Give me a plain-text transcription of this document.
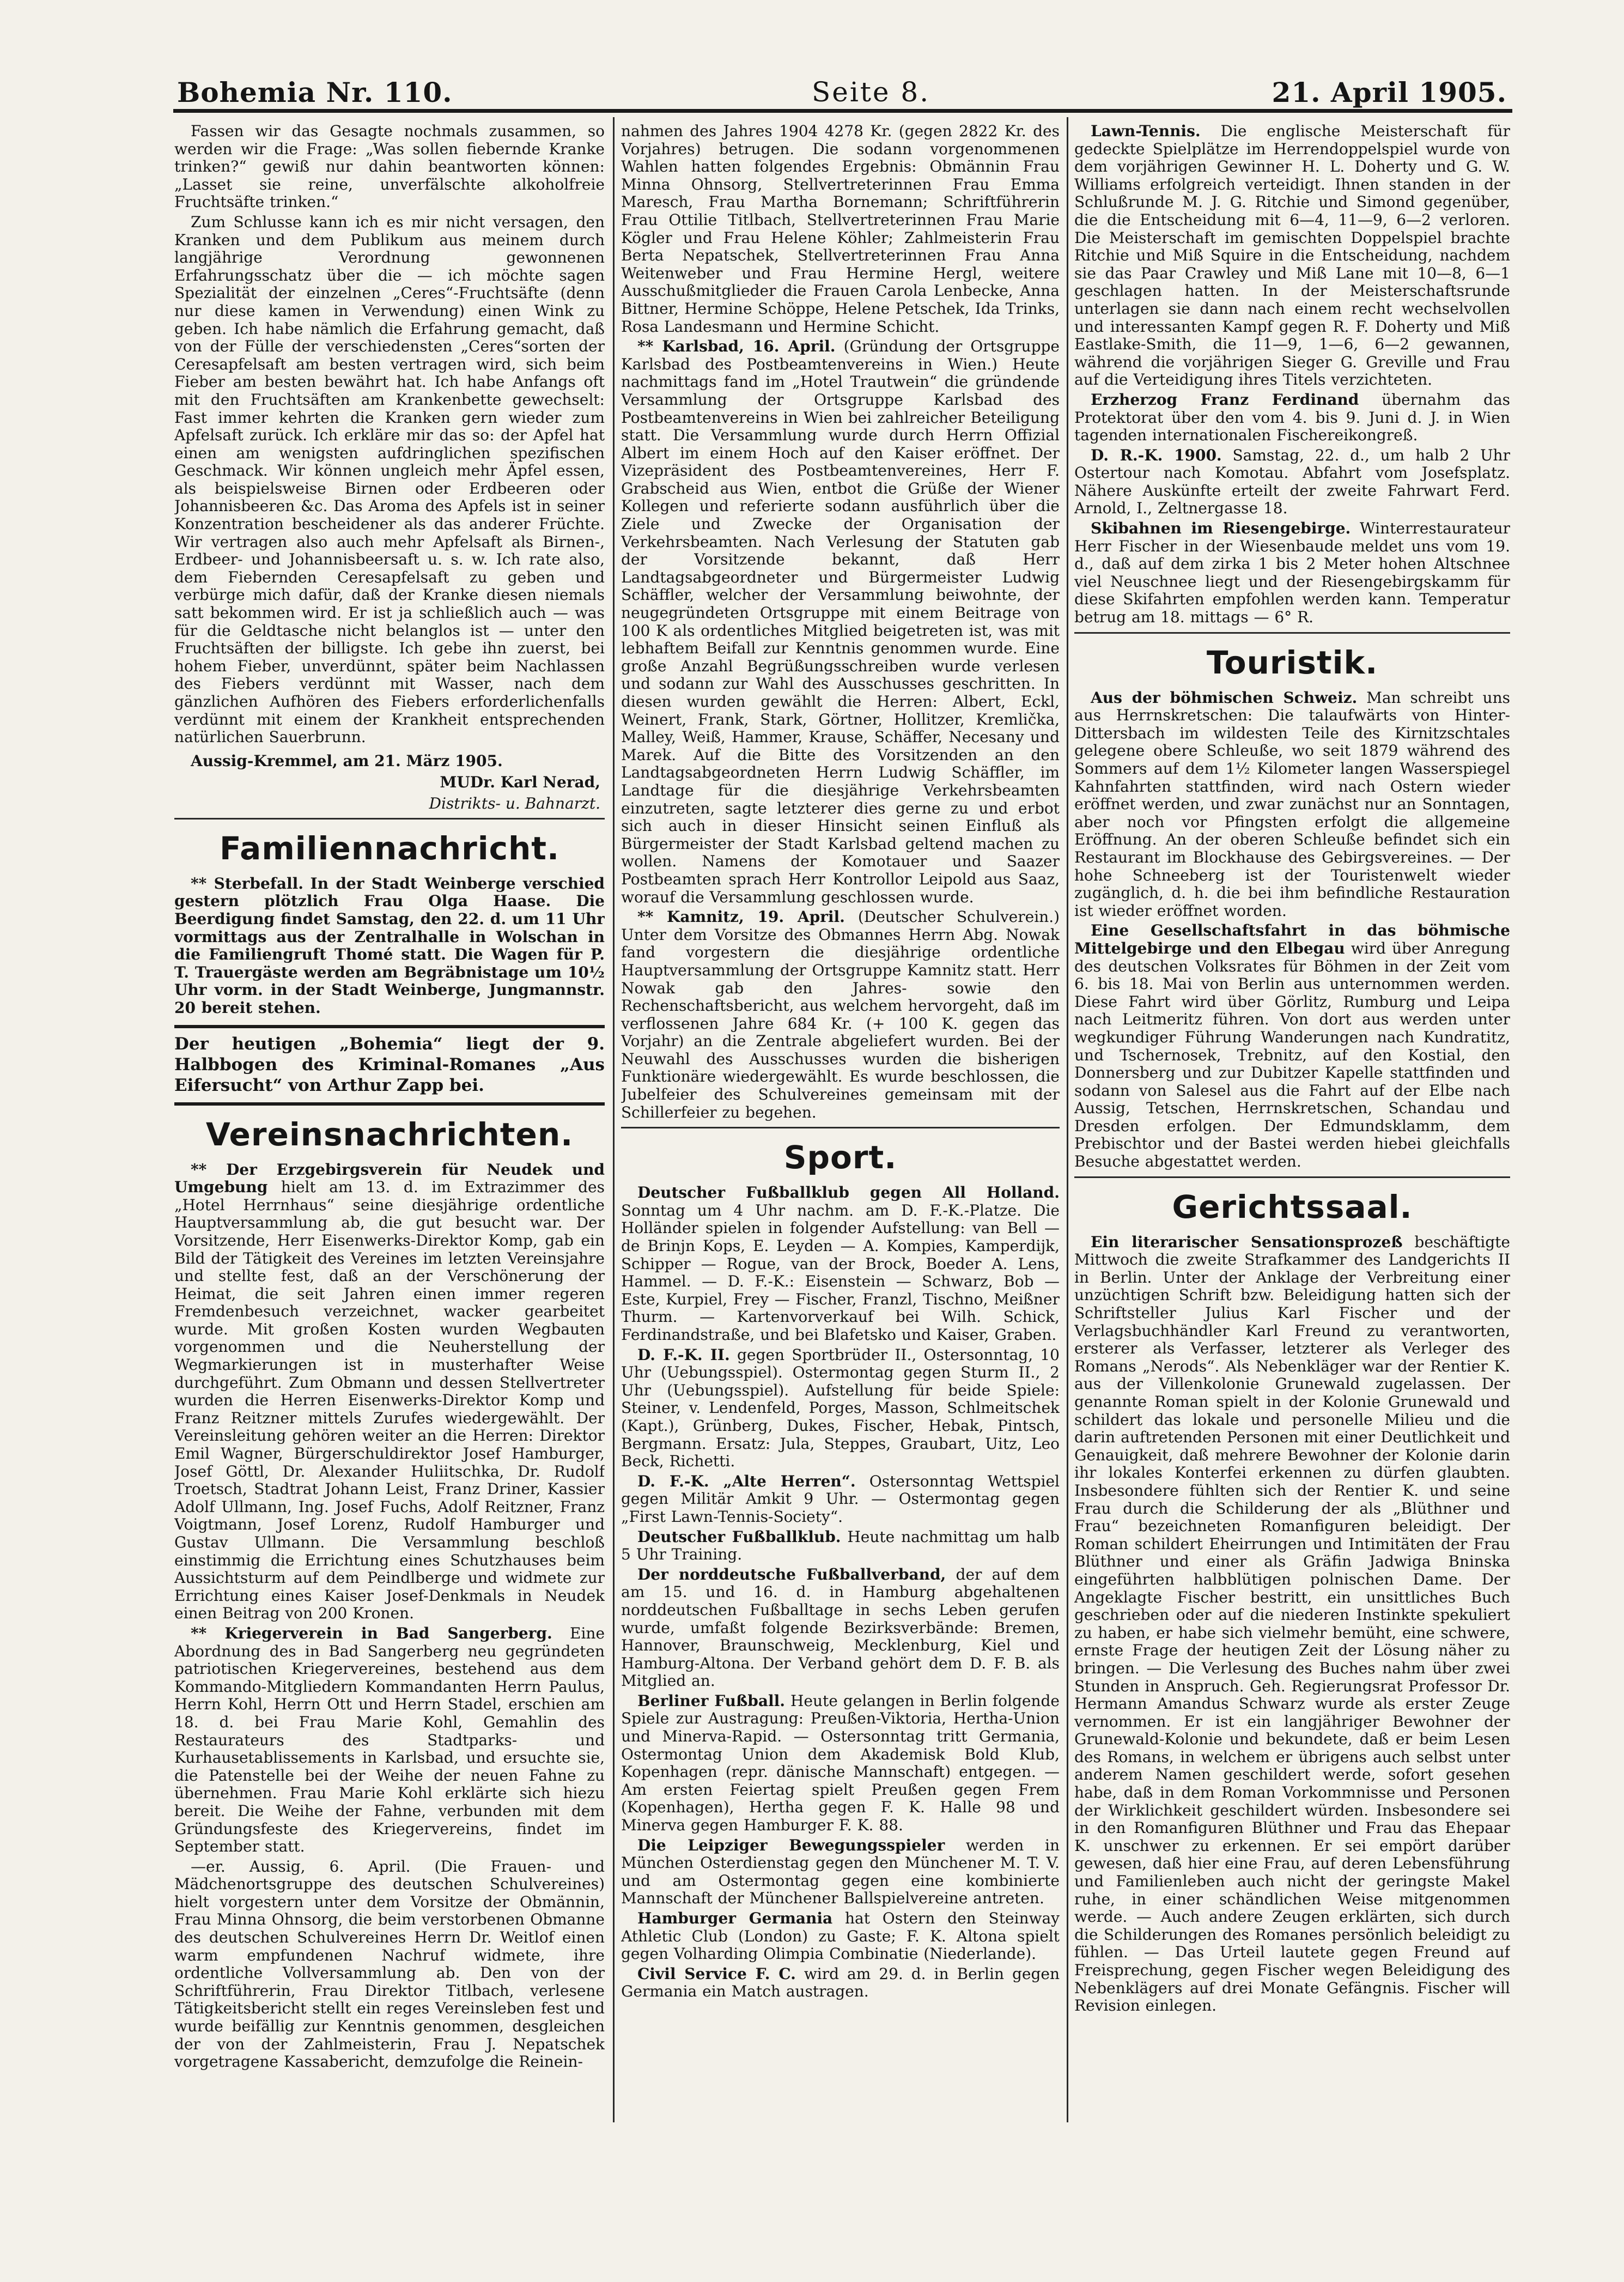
Bohemia Nr. 110.	Seite 8.	21. April 1905.

Fassen wir das Gesagte nochmals zusammen, so werden wir die Frage: „Was sollen fiebernde Kranke trinken?“ gewiß nur dahin beantworten können: „Lasset sie reine, unverfälschte alkoholfreie Fruchtsäfte trinken.“

Zum Schlusse kann ich es mir nicht versagen, den Kranken und dem Publikum aus meinem durch langjährige Verordnung gewonnenen Erfahrungsschatz über die — ich möchte sagen Spezialität der einzelnen „Ceres“-Fruchtsäfte (denn nur diese kamen in Verwendung) einen Wink zu geben. Ich habe nämlich die Erfahrung gemacht, daß von der Fülle der verschiedensten „Ceres“sorten der Ceresapfelsaft am besten vertragen wird, sich beim Fieber am besten bewährt hat. Ich habe Anfangs oft mit den Fruchtsäften am Krankenbette gewechselt: Fast immer kehrten die Kranken gern wieder zum Apfelsaft zurück. Ich erkläre mir das so: der Apfel hat einen am wenigsten aufdringlichen spezifischen Geschmack. Wir können ungleich mehr Äpfel essen, als beispielsweise Birnen oder Erdbeeren oder Johannisbeeren &c. Das Aroma des Apfels ist in seiner Konzentration bescheidener als das anderer Früchte. Wir vertragen also auch mehr Apfelsaft als Birnen-, Erdbeer- und Johannisbeersaft u. s. w. Ich rate also, dem Fiebernden Ceresapfelsaft zu geben und verbürge mich dafür, daß der Kranke diesen niemals satt bekommen wird. Er ist ja schließlich auch — was für die Geldtasche nicht belanglos ist — unter den Fruchtsäften der billigste. Ich gebe ihn zuerst, bei hohem Fieber, unverdünnt, später beim Nachlassen des Fiebers verdünnt mit Wasser, nach dem gänzlichen Aufhören des Fiebers erforderlichenfalls verdünnt mit einem der Krankheit entsprechenden natürlichen Sauerbrunn.

Aussig-Kremmel, am 21. März 1905.
MUDr. Karl Nerad,
Distrikts- u. Bahnarzt.
Familiennachricht.

** Sterbefall. In der Stadt Weinberge verschied gestern plötzlich Frau Olga Haase. Die Beerdigung findet Samstag, den 22. d. um 11 Uhr vormittags aus der Zentralhalle in Wolschan in die Familiengruft Thomé statt. Die Wagen für P. T. Trauergäste werden am Begräbnistage um 10½ Uhr vorm. in der Stadt Weinberge, Jungmannstr. 20 bereit stehen.

Der heutigen „Bohemia“ liegt der 9. Halbbogen des Kriminal-Romanes „Aus Eifersucht“ von Arthur Zapp bei.
Vereinsnachrichten.

** Der Erzgebirgsverein für Neudek und Umgebung hielt am 13. d. im Extrazimmer des „Hotel Herrnhaus“ seine diesjährige ordentliche Hauptversammlung ab, die gut besucht war. Der Vorsitzende, Herr Eisenwerks-Direktor Komp, gab ein Bild der Tätigkeit des Vereines im letzten Vereinsjahre und stellte fest, daß an der Verschönerung der Heimat, die seit Jahren einen immer regeren Fremdenbesuch verzeichnet, wacker gearbeitet wurde. Mit großen Kosten wurden Wegbauten vorgenommen und die Neuherstellung der Wegmarkierungen ist in musterhafter Weise durchgeführt. Zum Obmann und dessen Stellvertreter wurden die Herren Eisenwerks-Direktor Komp und Franz Reitzner mittels Zurufes wiedergewählt. Der Vereinsleitung gehören weiter an die Herren: Direktor Emil Wagner, Bürgerschuldirektor Josef Hamburger, Josef Göttl, Dr. Alexander Huliitschka, Dr. Rudolf Troetsch, Stadtrat Johann Leist, Franz Driner, Kassier Adolf Ullmann, Ing. Josef Fuchs, Adolf Reitzner, Franz Voigtmann, Josef Lorenz, Rudolf Hamburger und Gustav Ullmann. Die Versammlung beschloß einstimmig die Errichtung eines Schutzhauses beim Aussichtsturm auf dem Peindlberge und widmete zur Errichtung eines Kaiser Josef-Denkmals in Neudek einen Beitrag von 200 Kronen.

** Kriegerverein in Bad Sangerberg. Eine Abordnung des in Bad Sangerberg neu gegründeten patriotischen Kriegervereines, bestehend aus dem Kommando-Mitgliedern Kommandanten Herrn Paulus, Herrn Kohl, Herrn Ott und Herrn Stadel, erschien am 18. d. bei Frau Marie Kohl, Gemahlin des Restaurateurs des Stadtparks- und Kurhausetablissements in Karlsbad, und ersuchte sie, die Patenstelle bei der Weihe der neuen Fahne zu übernehmen. Frau Marie Kohl erklärte sich hiezu bereit. Die Weihe der Fahne, verbunden mit dem Gründungsfeste des Kriegervereins, findet im September statt.

—er. Aussig, 6. April. (Die Frauen- und Mädchenortsgruppe des deutschen Schulvereines) hielt vorgestern unter dem Vorsitze der Obmännin, Frau Minna Ohnsorg, die beim verstorbenen Obmanne des deutschen Schulvereines Herrn Dr. Weitlof einen warm empfundenen Nachruf widmete, ihre ordentliche Vollversammlung ab. Den von der Schriftführerin, Frau Direktor Titlbach, verlesene Tätigkeitsbericht stellt ein reges Vereinsleben fest und wurde beifällig zur Kenntnis genommen, desgleichen der von der Zahlmeisterin, Frau J. Nepatschek vorgetragene Kassabericht, demzufolge die Reinein-

nahmen des Jahres 1904 4278 Kr. (gegen 2822 Kr. des Vorjahres) betrugen. Die sodann vorgenommenen Wahlen hatten folgendes Ergebnis: Obmännin Frau Minna Ohnsorg, Stellvertreterinnen Frau Emma Maresch, Frau Martha Bornemann; Schriftführerin Frau Ottilie Titlbach, Stellvertreterinnen Frau Marie Kögler und Frau Helene Köhler; Zahlmeisterin Frau Berta Nepatschek, Stellvertreterinnen Frau Anna Weitenweber und Frau Hermine Hergl, weitere Ausschußmitglieder die Frauen Carola Lenbecke, Anna Bittner, Hermine Schöppe, Helene Petschek, Ida Trinks, Rosa Landesmann und Hermine Schicht.

** Karlsbad, 16. April. (Gründung der Ortsgruppe Karlsbad des Postbeamtenvereins in Wien.) Heute nachmittags fand im „Hotel Trautwein“ die gründende Versammlung der Ortsgruppe Karlsbad des Postbeamtenvereins in Wien bei zahlreicher Beteiligung statt. Die Versammlung wurde durch Herrn Offizial Albert im einem Hoch auf den Kaiser eröffnet. Der Vizepräsident des Postbeamtenvereines, Herr F. Grabscheid aus Wien, entbot die Grüße der Wiener Kollegen und referierte sodann ausführlich über die Ziele und Zwecke der Organisation der Verkehrsbeamten. Nach Verlesung der Statuten gab der Vorsitzende bekannt, daß Herr Landtagsabgeordneter und Bürgermeister Ludwig Schäffler, welcher der Versammlung beiwohnte, der neugegründeten Ortsgruppe mit einem Beitrage von 100 K als ordentliches Mitglied beigetreten ist, was mit lebhaftem Beifall zur Kenntnis genommen wurde. Eine große Anzahl Begrüßungsschreiben wurde verlesen und sodann zur Wahl des Ausschusses geschritten. In diesen wurden gewählt die Herren: Albert, Eckl, Weinert, Frank, Stark, Görtner, Hollitzer, Kremlička, Malley, Weiß, Hammer, Krause, Schäffer, Necesany und Marek. Auf die Bitte des Vorsitzenden an den Landtagsabgeordneten Herrn Ludwig Schäffler, im Landtage für die diesjährige Verkehrsbeamten einzutreten, sagte letzterer dies gerne zu und erbot sich auch in dieser Hinsicht seinen Einfluß als Bürgermeister der Stadt Karlsbad geltend machen zu wollen. Namens der Komotauer und Saazer Postbeamten sprach Herr Kontrollor Leipold aus Saaz, worauf die Versammlung geschlossen wurde.

** Kamnitz, 19. April. (Deutscher Schulverein.) Unter dem Vorsitze des Obmannes Herrn Abg. Nowak fand vorgestern die diesjährige ordentliche Hauptversammlung der Ortsgruppe Kamnitz statt. Herr Nowak gab den Jahres- sowie den Rechenschaftsbericht, aus welchem hervorgeht, daß im verflossenen Jahre 684 Kr. (+ 100 K. gegen das Vorjahr) an die Zentrale abgeliefert wurden. Bei der Neuwahl des Ausschusses wurden die bisherigen Funktionäre wiedergewählt. Es wurde beschlossen, die Jubelfeier des Schulvereines gemeinsam mit der Schillerfeier zu begehen.

Sport.

Deutscher Fußballklub gegen All Holland. Sonntag um 4 Uhr nachm. am D. F.-K.-Platze. Die Holländer spielen in folgender Aufstellung: van Bell — de Brinjn Kops, E. Leyden — A. Kompies, Kamperdijk, Schipper — Rogue, van der Brock, Boeder A. Lens, Hammel. — D. F.-K.: Eisenstein — Schwarz, Bob — Este, Kurpiel, Frey — Fischer, Franzl, Tischno, Meißner Thurm. — Kartenvorverkauf bei Wilh. Schick, Ferdinandstraße, und bei Blafetsko und Kaiser, Graben.

D. F.-K. II. gegen Sportbrüder II., Ostersonntag, 10 Uhr (Uebungsspiel). Ostermontag gegen Sturm II., 2 Uhr (Uebungsspiel). Aufstellung für beide Spiele: Steiner, v. Lendenfeld, Porges, Masson, Schlmeitschek (Kapt.), Grünberg, Dukes, Fischer, Hebak, Pintsch, Bergmann. Ersatz: Jula, Steppes, Graubart, Uitz, Leo Beck, Richetti.

D. F.-K. „Alte Herren“. Ostersonntag Wettspiel gegen Militär Amkit 9 Uhr. — Ostermontag gegen „First Lawn-Tennis-Society“.

Deutscher Fußballklub. Heute nachmittag um halb 5 Uhr Training.

Der norddeutsche Fußballverband, der auf dem am 15. und 16. d. in Hamburg abgehaltenen norddeutschen Fußballtage in sechs Leben gerufen wurde, umfaßt folgende Bezirksverbände: Bremen, Hannover, Braunschweig, Mecklenburg, Kiel und Hamburg-Altona. Der Verband gehört dem D. F. B. als Mitglied an.

Berliner Fußball. Heute gelangen in Berlin folgende Spiele zur Austragung: Preußen-Viktoria, Hertha-Union und Minerva-Rapid. — Ostersonntag tritt Germania, Ostermontag Union dem Akademisk Bold Klub, Kopenhagen (repr. dänische Mannschaft) entgegen. — Am ersten Feiertag spielt Preußen gegen Frem (Kopenhagen), Hertha gegen F. K. Halle 98 und Minerva gegen Hamburger F. K. 88.

Die Leipziger Bewegungsspieler werden in München Osterdienstag gegen den Münchener M. T. V. und am Ostermontag gegen eine kombinierte Mannschaft der Münchener Ballspielvereine antreten.

Hamburger Germania hat Ostern den Steinway Athletic Club (London) zu Gaste; F. K. Altona spielt gegen Volharding Olimpia Combinatie (Niederlande).

Civil Service F. C. wird am 29. d. in Berlin gegen Germania ein Match austragen.

Lawn-Tennis. Die englische Meisterschaft für gedeckte Spielplätze im Herrendoppelspiel wurde von dem vorjährigen Gewinner H. L. Doherty und G. W. Williams erfolgreich verteidigt. Ihnen standen in der Schlußrunde M. J. G. Ritchie und Simond gegenüber, die die Entscheidung mit 6—4, 11—9, 6—2 verloren. Die Meisterschaft im gemischten Doppelspiel brachte Ritchie und Miß Squire in die Entscheidung, nachdem sie das Paar Crawley und Miß Lane mit 10—8, 6—1 geschlagen hatten. In der Meisterschaftsrunde unterlagen sie dann nach einem recht wechselvollen und interessanten Kampf gegen R. F. Doherty und Miß Eastlake-Smith, die 11—9, 1—6, 6—2 gewannen, während die vorjährigen Sieger G. Greville und Frau auf die Verteidigung ihres Titels verzichteten.

Erzherzog Franz Ferdinand übernahm das Protektorat über den vom 4. bis 9. Juni d. J. in Wien tagenden internationalen Fischereikongreß.

D. R.-K. 1900. Samstag, 22. d., um halb 2 Uhr Ostertour nach Komotau. Abfahrt vom Josefsplatz. Nähere Auskünfte erteilt der zweite Fahrwart Ferd. Arnold, I., Zeltnergasse 18.

Skibahnen im Riesengebirge. Winterrestaurateur Herr Fischer in der Wiesenbaude meldet uns vom 19. d., daß auf dem zirka 1 bis 2 Meter hohen Altschnee viel Neuschnee liegt und der Riesengebirgskamm für diese Skifahrten empfohlen werden kann. Temperatur betrug am 18. mittags — 6° R.

Touristik.

Aus der böhmischen Schweiz. Man schreibt uns aus Herrnskretschen: Die talaufwärts von Hinter-Dittersbach im wildesten Teile des Kirnitzschtales gelegene obere Schleuße, wo seit 1879 während des Sommers auf dem 1½ Kilometer langen Wasserspiegel Kahnfahrten stattfinden, wird nach Ostern wieder eröffnet werden, und zwar zunächst nur an Sonntagen, aber noch vor Pfingsten erfolgt die allgemeine Eröffnung. An der oberen Schleuße befindet sich ein Restaurant im Blockhause des Gebirgsvereines. — Der hohe Schneeberg ist der Touristenwelt wieder zugänglich, d. h. die bei ihm befindliche Restauration ist wieder eröffnet worden.

Eine Gesellschaftsfahrt in das böhmische Mittelgebirge und den Elbegau wird über Anregung des deutschen Volksrates für Böhmen in der Zeit vom 6. bis 18. Mai von Berlin aus unternommen werden. Diese Fahrt wird über Görlitz, Rumburg und Leipa nach Leitmeritz führen. Von dort aus werden unter wegkundiger Führung Wanderungen nach Kundratitz, und Tschernosek, Trebnitz, auf den Kostial, den Donnersberg und zur Dubitzer Kapelle stattfinden und sodann von Salesel aus die Fahrt auf der Elbe nach Aussig, Tetschen, Herrnskretschen, Schandau und Dresden erfolgen. Der Edmundsklamm, dem Prebischtor und der Bastei werden hiebei gleichfalls Besuche abgestattet werden.

Gerichtssaal.

Ein literarischer Sensationsprozeß beschäftigte Mittwoch die zweite Strafkammer des Landgerichts II in Berlin. Unter der Anklage der Verbreitung einer unzüchtigen Schrift bzw. Beleidigung hatten sich der Schriftsteller Julius Karl Fischer und der Verlagsbuchhändler Karl Freund zu verantworten, ersterer als Verfasser, letzterer als Verleger des Romans „Nerods“. Als Nebenkläger war der Rentier K. aus der Villenkolonie Grunewald zugelassen. Der genannte Roman spielt in der Kolonie Grunewald und schildert das lokale und personelle Milieu und die darin auftretenden Personen mit einer Deutlichkeit und Genauigkeit, daß mehrere Bewohner der Kolonie darin ihr lokales Konterfei erkennen zu dürfen glaubten. Insbesondere fühlten sich der Rentier K. und seine Frau durch die Schilderung der als „Blüthner und Frau“ bezeichneten Romanfiguren beleidigt. Der Roman schildert Eheirrungen und Intimitäten der Frau Blüthner und einer als Gräfin Jadwiga Bninska eingeführten halbblütigen polnischen Dame. Der Angeklagte Fischer bestritt, ein unsittliches Buch geschrieben oder auf die niederen Instinkte spekuliert zu haben, er habe sich vielmehr bemüht, eine schwere, ernste Frage der heutigen Zeit der Lösung näher zu bringen. — Die Verlesung des Buches nahm über zwei Stunden in Anspruch. Geh. Regierungsrat Professor Dr. Hermann Amandus Schwarz wurde als erster Zeuge vernommen. Er ist ein langjähriger Bewohner der Grunewald-Kolonie und bekundete, daß er beim Lesen des Romans, in welchem er übrigens auch selbst unter anderem Namen geschildert werde, sofort gesehen habe, daß in dem Roman Vorkommnisse und Personen der Wirklichkeit geschildert würden. Insbesondere sei in den Romanfiguren Blüthner und Frau das Ehepaar K. unschwer zu erkennen. Er sei empört darüber gewesen, daß hier eine Frau, auf deren Lebensführung und Familienleben auch nicht der geringste Makel ruhe, in einer schändlichen Weise mitgenommen werde. — Auch andere Zeugen erklärten, sich durch die Schilderungen des Romanes persönlich beleidigt zu fühlen. — Das Urteil lautete gegen Freund auf Freisprechung, gegen Fischer wegen Beleidigung des Nebenklägers auf drei Monate Gefängnis. Fischer will Revision einlegen.
